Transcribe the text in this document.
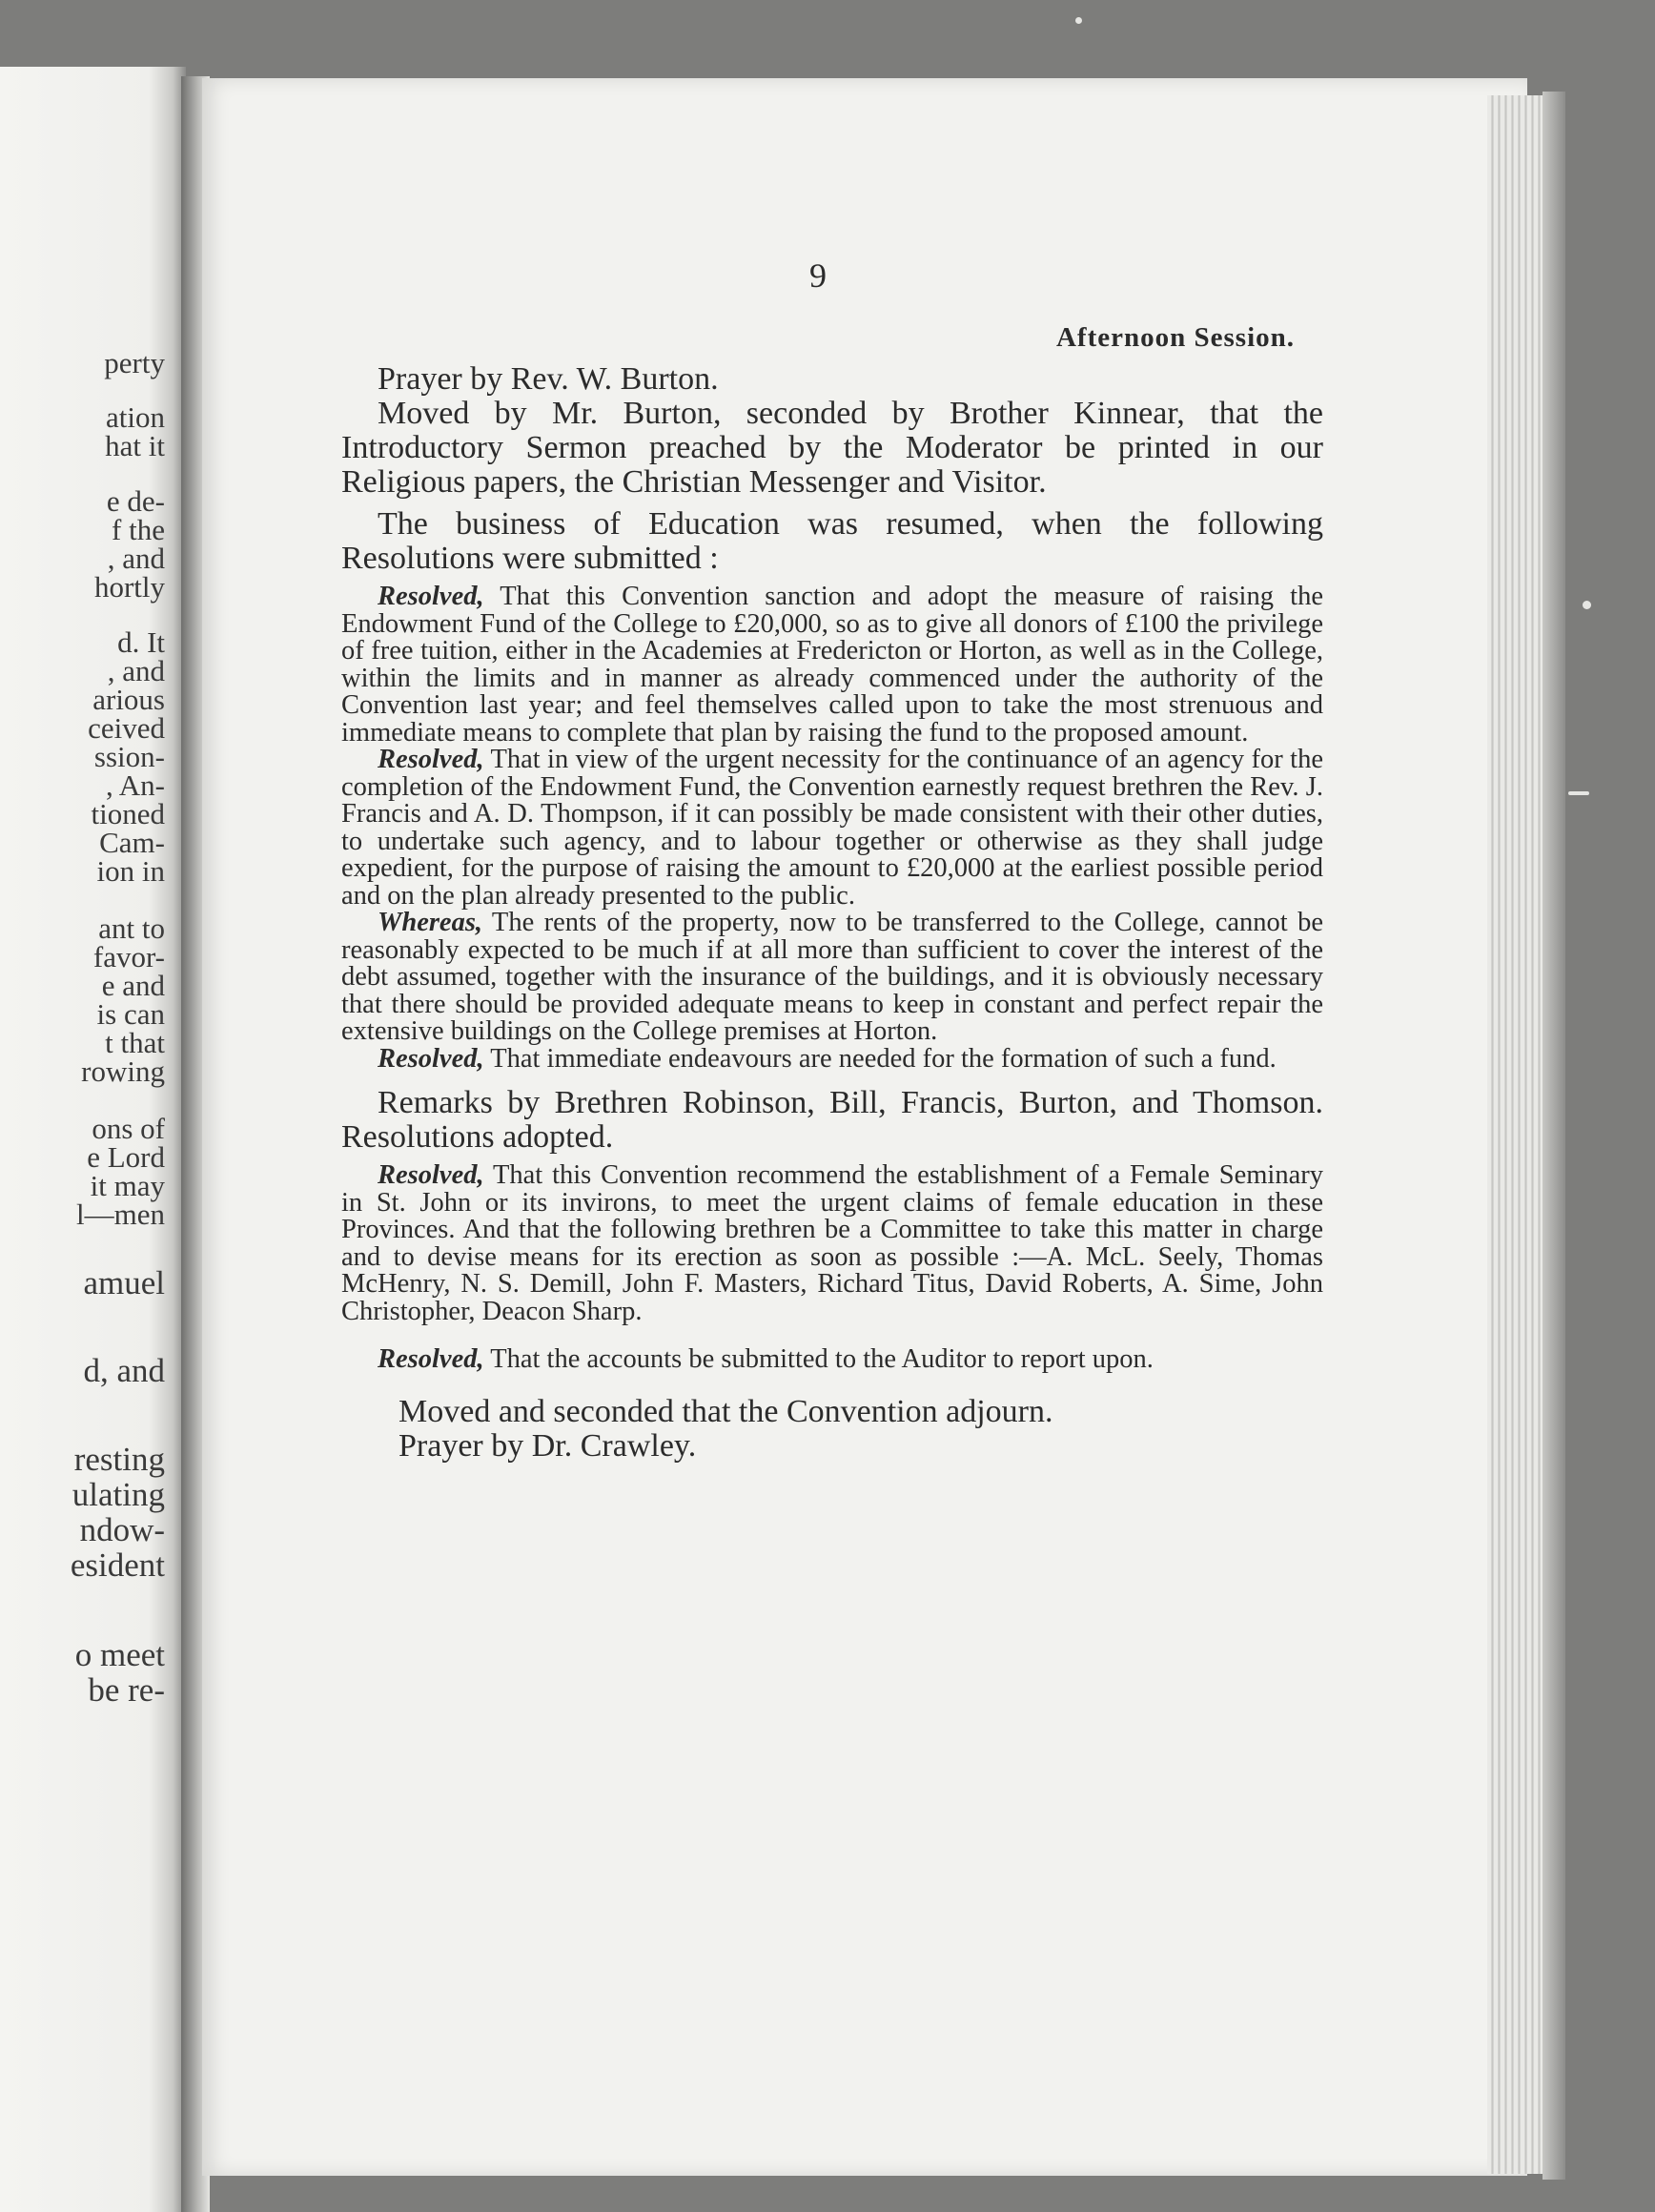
perty
ation
hat it
e de-
f the
, and
hortly
d. It
, and
arious
ceived
ssion-
, An-
tioned
Cam-
ion in
ant to
favor-
e and
is can
t that
rowing
ons of
e Lord
it may
l—men
amuel
d, and
resting
ulating
ndow-
esident
o meet
be re-
9
Afternoon Session.

Prayer by Rev. W. Burton.

Moved by Mr. Burton, seconded by Brother Kinnear, that the Introductory Sermon preached by the Moderator be printed in our Religious papers, the Christian Messenger and Visitor.

The business of Education was resumed, when the following Resolutions were submitted :

Resolved, That this Convention sanction and adopt the measure of raising the Endowment Fund of the College to £20,000, so as to give all donors of £100 the privilege of free tuition, either in the Academies at Fredericton or Horton, as well as in the College, within the limits and in manner as already commenced under the authority of the Convention last year; and feel themselves called upon to take the most strenuous and immediate means to complete that plan by raising the fund to the proposed amount.

Resolved, That in view of the urgent necessity for the continuance of an agency for the completion of the Endowment Fund, the Convention earnestly request brethren the Rev. J. Francis and A. D. Thompson, if it can possibly be made consistent with their other duties, to undertake such agency, and to labour together or otherwise as they shall judge expedient, for the purpose of raising the amount to £20,000 at the earliest possible period and on the plan already presented to the public.

Whereas, The rents of the property, now to be transferred to the College, cannot be reasonably expected to be much if at all more than sufficient to cover the interest of the debt assumed, together with the insurance of the buildings, and it is obviously necessary that there should be provided adequate means to keep in constant and perfect repair the extensive buildings on the College premises at Horton.

Resolved, That immediate endeavours are needed for the formation of such a fund.

Remarks by Brethren Robinson, Bill, Francis, Burton, and Thomson. Resolutions adopted.

Resolved, That this Convention recommend the establishment of a Female Seminary in St. John or its invirons, to meet the urgent claims of female education in these Provinces. And that the following brethren be a Committee to take this matter in charge and to devise means for its erection as soon as possible :—A. McL. Seely, Thomas McHenry, N. S. Demill, John F. Masters, Richard Titus, David Roberts, A. Sime, John Christopher, Deacon Sharp.

Resolved, That the accounts be submitted to the Auditor to report upon.

Moved and seconded that the Convention adjourn.

Prayer by Dr. Crawley.
